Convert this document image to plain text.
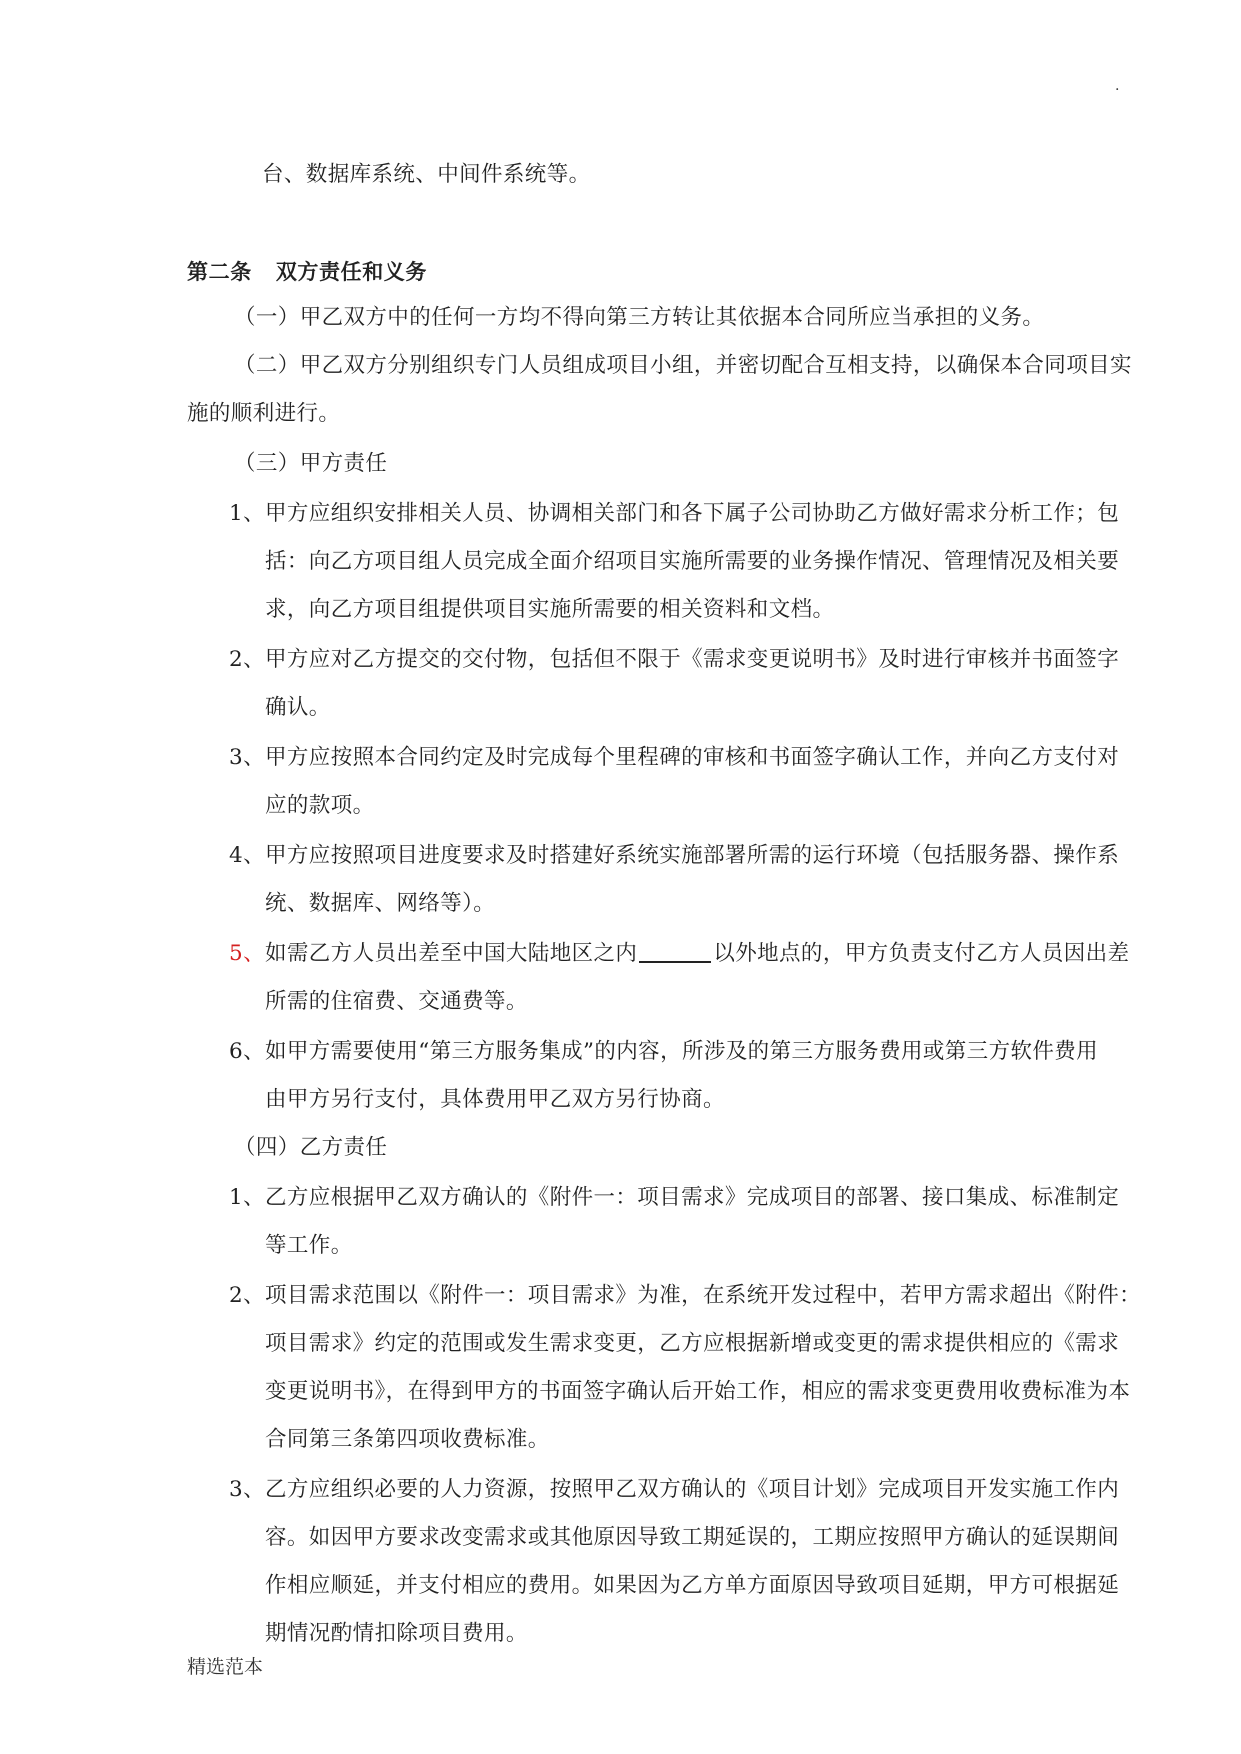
.
台、数据库系统、中间件系统等。
第二条 双方责任和义务
（一）甲乙双方中的任何一方均不得向第三方转让其依据本合同所应当承担的义务。
（二）甲乙双方分别组织专门人员组成项目小组，并密切配合互相支持，以确保本合同项目实
施的顺利进行。
（三）甲方责任
1、甲方应组织安排相关人员、协调相关部门和各下属子公司协助乙方做好需求分析工作；包
括：向乙方项目组人员完成全面介绍项目实施所需要的业务操作情况、管理情况及相关要
求，向乙方项目组提供项目实施所需要的相关资料和文档。
2、甲方应对乙方提交的交付物，包括但不限于《需求变更说明书》及时进行审核并书面签字
确认。
3、甲方应按照本合同约定及时完成每个里程碑的审核和书面签字确认工作，并向乙方支付对
应的款项。
4、甲方应按照项目进度要求及时搭建好系统实施部署所需的运行环境（包括服务器、操作系
统、数据库、网络等）。
5、如需乙方人员出差至中国大陆地区之内	以外地点的，甲方负责支付乙方人员因出差
所需的住宿费、交通费等。
6、如甲方需要使用“第三方服务集成”的内容，所涉及的第三方服务费用或第三方软件费用
由甲方另行支付，具体费用甲乙双方另行协商。
（四）乙方责任
1、乙方应根据甲乙双方确认的《附件一：项目需求》完成项目的部署、接口集成、标准制定
等工作。
2、项目需求范围以《附件一：项目需求》为准，在系统开发过程中，若甲方需求超出《附件：
项目需求》约定的范围或发生需求变更，乙方应根据新增或变更的需求提供相应的《需求
变更说明书》，在得到甲方的书面签字确认后开始工作，相应的需求变更费用收费标准为本
合同第三条第四项收费标准。
3、乙方应组织必要的人力资源，按照甲乙双方确认的《项目计划》完成项目开发实施工作内
容。如因甲方要求改变需求或其他原因导致工期延误的，工期应按照甲方确认的延误期间
作相应顺延，并支付相应的费用。如果因为乙方单方面原因导致项目延期，甲方可根据延
期情况酌情扣除项目费用。
精选范本
